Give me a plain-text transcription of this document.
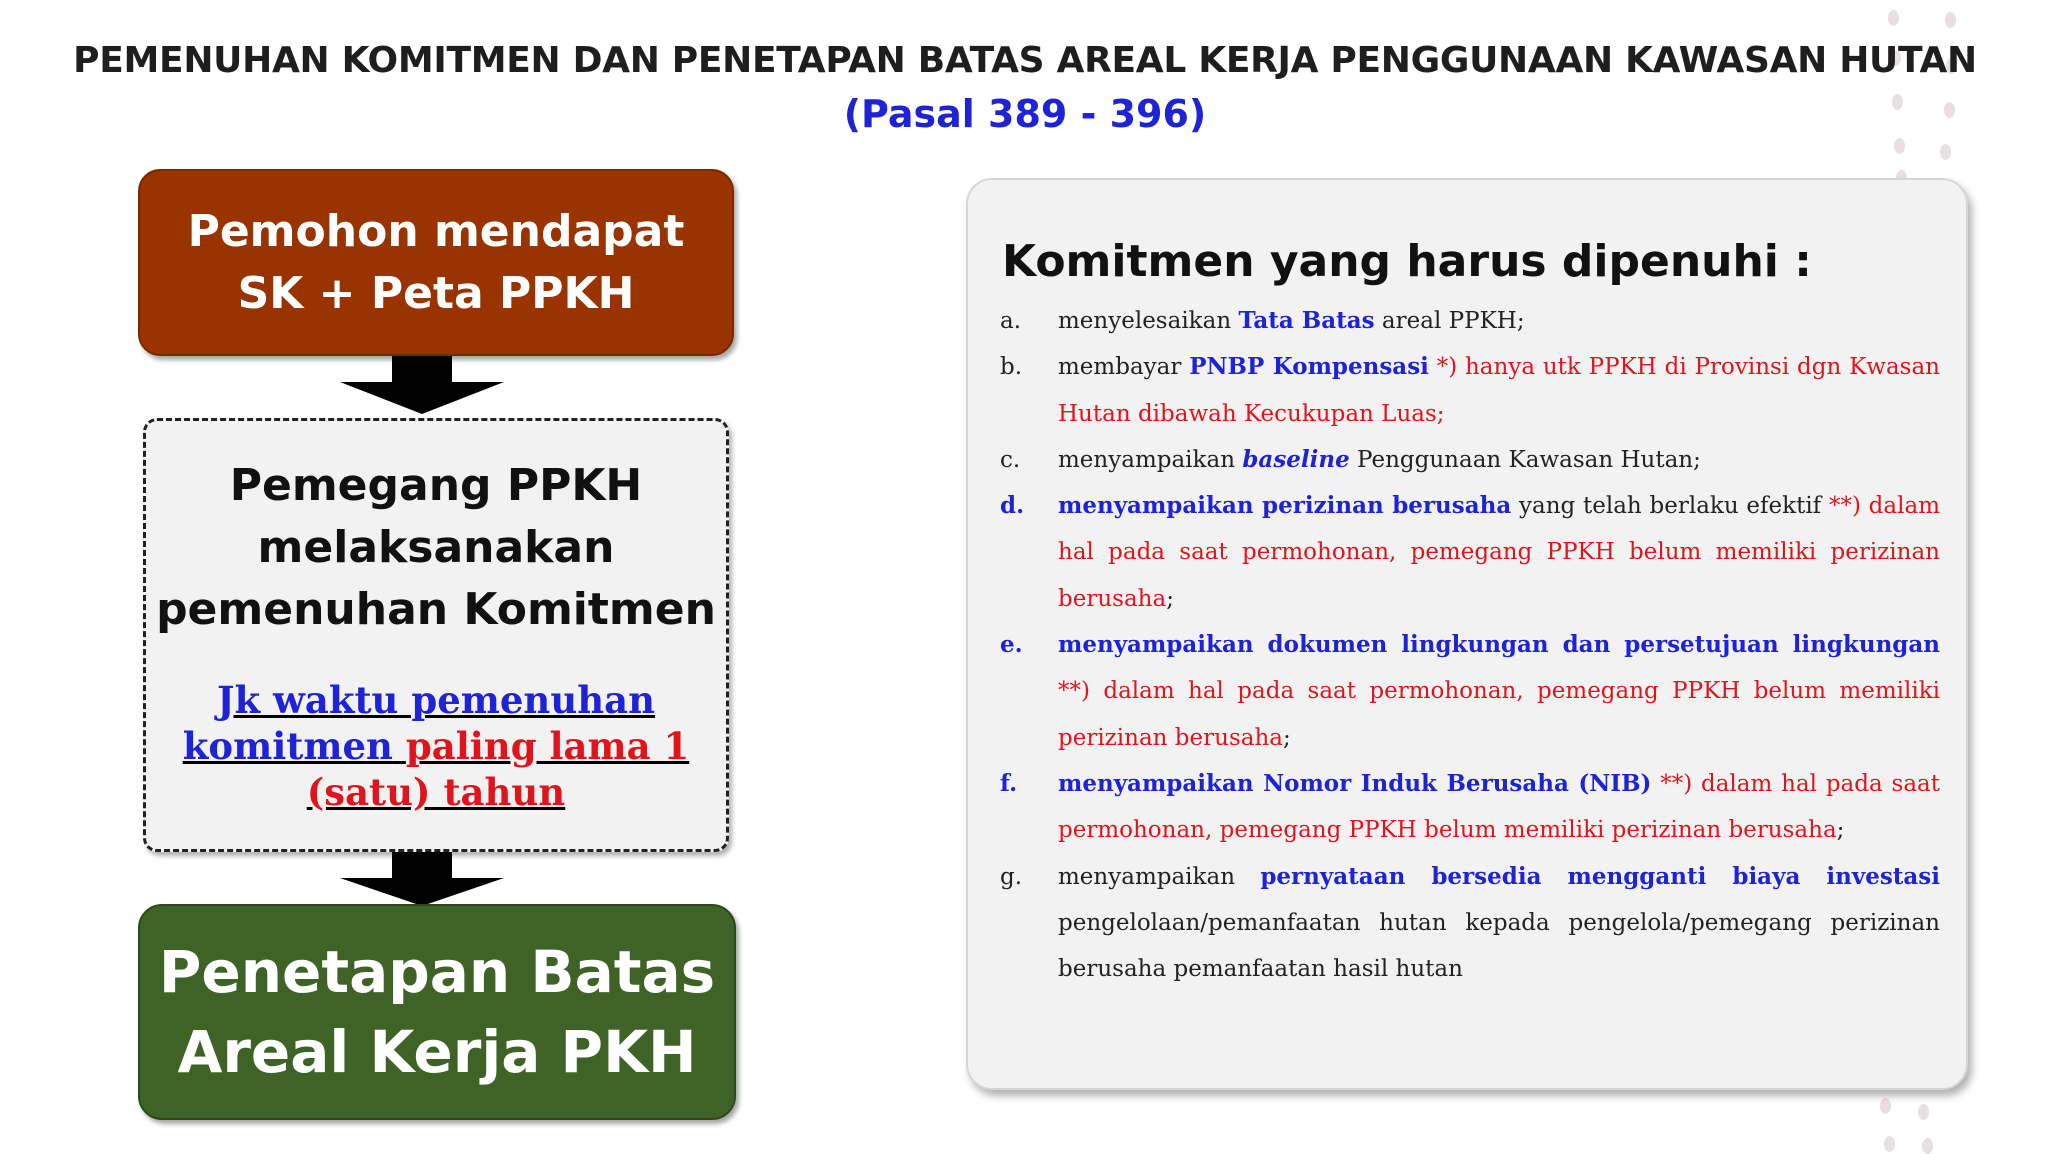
PEMENUHAN KOMITMEN DAN PENETAPAN BATAS AREAL KERJA PENGGUNAAN KAWASAN HUTAN
(Pasal 389 - 396)
Pemohon mendapat
SK + Peta PPKH
Pemegang PPKH
melaksanakan
pemenuhan Komitmen
Jk waktu pemenuhan
komitmen paling lama 1
(satu) tahun
Penetapan Batas
Areal Kerja PKH
Komitmen yang harus dipenuhi :
a.	menyelesaikan Tata Batas areal PPKH;
b.	membayar PNBP Kompensasi *) hanya utk PPKH di Provinsi dgn Kwasan Hutan dibawah Kecukupan Luas;
c.	menyampaikan baseline Penggunaan Kawasan Hutan;
d.	menyampaikan perizinan berusaha yang telah berlaku efektif **) dalam hal pada saat permohonan, pemegang PPKH belum memiliki perizinan berusaha;
e.	menyampaikan dokumen lingkungan dan persetujuan lingkungan **) dalam hal pada saat permohonan, pemegang PPKH belum memiliki perizinan berusaha;
f.	menyampaikan Nomor Induk Berusaha (NIB) **) dalam hal pada saat permohonan, pemegang PPKH belum memiliki perizinan berusaha;
g.	menyampaikan pernyataan bersedia mengganti biaya investasi pengelolaan/pemanfaatan hutan kepada pengelola/pemegang perizinan berusaha pemanfaatan hasil hutan
